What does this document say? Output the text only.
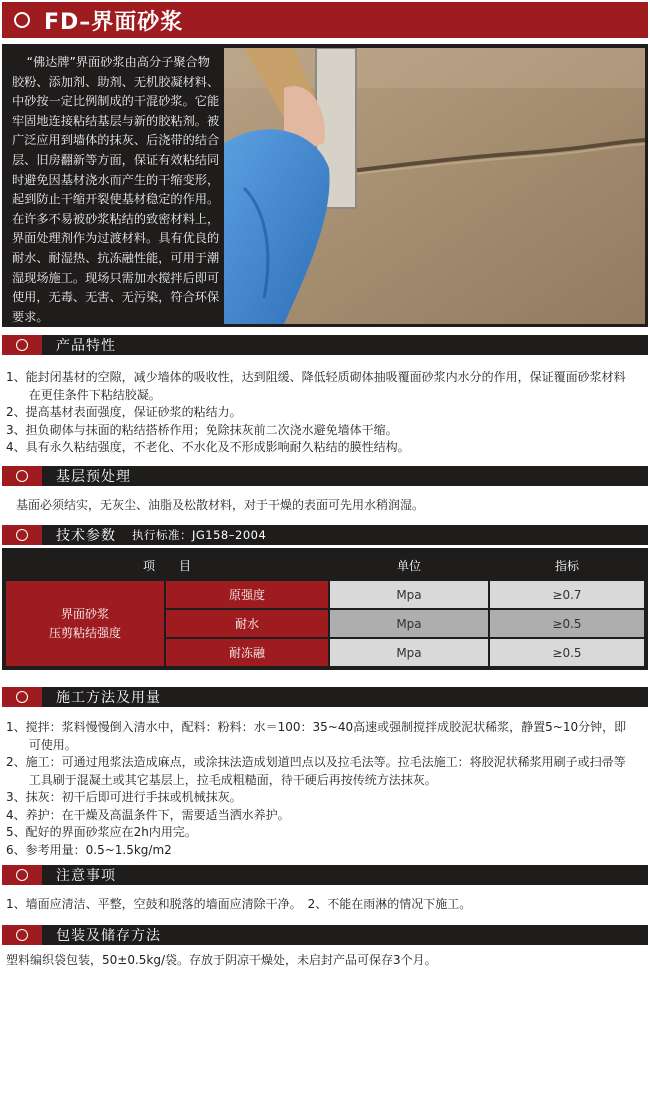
FD–界面砂浆
“佛达牌”界面砂浆由高分子聚合物胶粉、添加剂、助剂、无机胶凝材料、中砂按一定比例制成的干混砂浆。它能牢固地连接粘结基层与新的胶粘剂。被广泛应用到墙体的抹灰、后浇带的结合层、旧房翻新等方面，保证有效粘结同时避免因基材浇水而产生的干缩变形，起到防止干缩开裂使基材稳定的作用。在许多不易被砂浆粘结的致密材料上，界面处理剂作为过渡材料。具有优良的耐水、耐湿热、抗冻融性能，可用于潮湿现场施工。现场只需加水搅拌后即可使用，无毒、无害、无污染，符合环保要求。
产品特性
1、能封闭基材的空隙，减少墙体的吸收性，达到阻缓、降低轻质砌体抽吸覆面砂浆内水分的作用，保证覆面砂浆材料在更佳条件下粘结胶凝。
2、提高基材表面强度，保证砂浆的粘结力。
3、担负砌体与抹面的粘结搭桥作用；免除抹灰前二次浇水避免墙体干缩。
4、具有永久粘结强度，不老化、不水化及不形成影响耐久粘结的膜性结构。
基层预处理
基面必须结实，无灰尘、油脂及松散材料，对于干燥的表面可先用水稍润湿。
技术参数 执行标准：JG158–2004
项　　目	单位	指标
界面砂浆
压剪粘结强度
原强度	Mpa	≥0.7
耐水	Mpa	≥0.5
耐冻融	Mpa	≥0.5
施工方法及用量
1、搅拌：浆料慢慢倒入清水中，配料：粉料：水＝100：35~40高速或强制搅拌成胶泥状稀浆，静置5~10分钟，即可使用。
2、施工：可通过甩浆法造成麻点，或涂抹法造成划道凹点以及拉毛法等。拉毛法施工：将胶泥状稀浆用刷子或扫帚等工具刷于混凝土或其它基层上，拉毛成粗糙面，待干硬后再按传统方法抹灰。
3、抹灰：初干后即可进行手抹或机械抹灰。
4、养护：在干燥及高温条件下，需要适当洒水养护。
5、配好的界面砂浆应在2h内用完。
6、参考用量：0.5~1.5kg/m2
注意事项
1、墙面应清洁、平整，空鼓和脱落的墙面应清除干净。　2、不能在雨淋的情况下施工。
包装及储存方法
塑料编织袋包装，50±0.5kg/袋。存放于阴凉干燥处，未启封产品可保存3个月。
